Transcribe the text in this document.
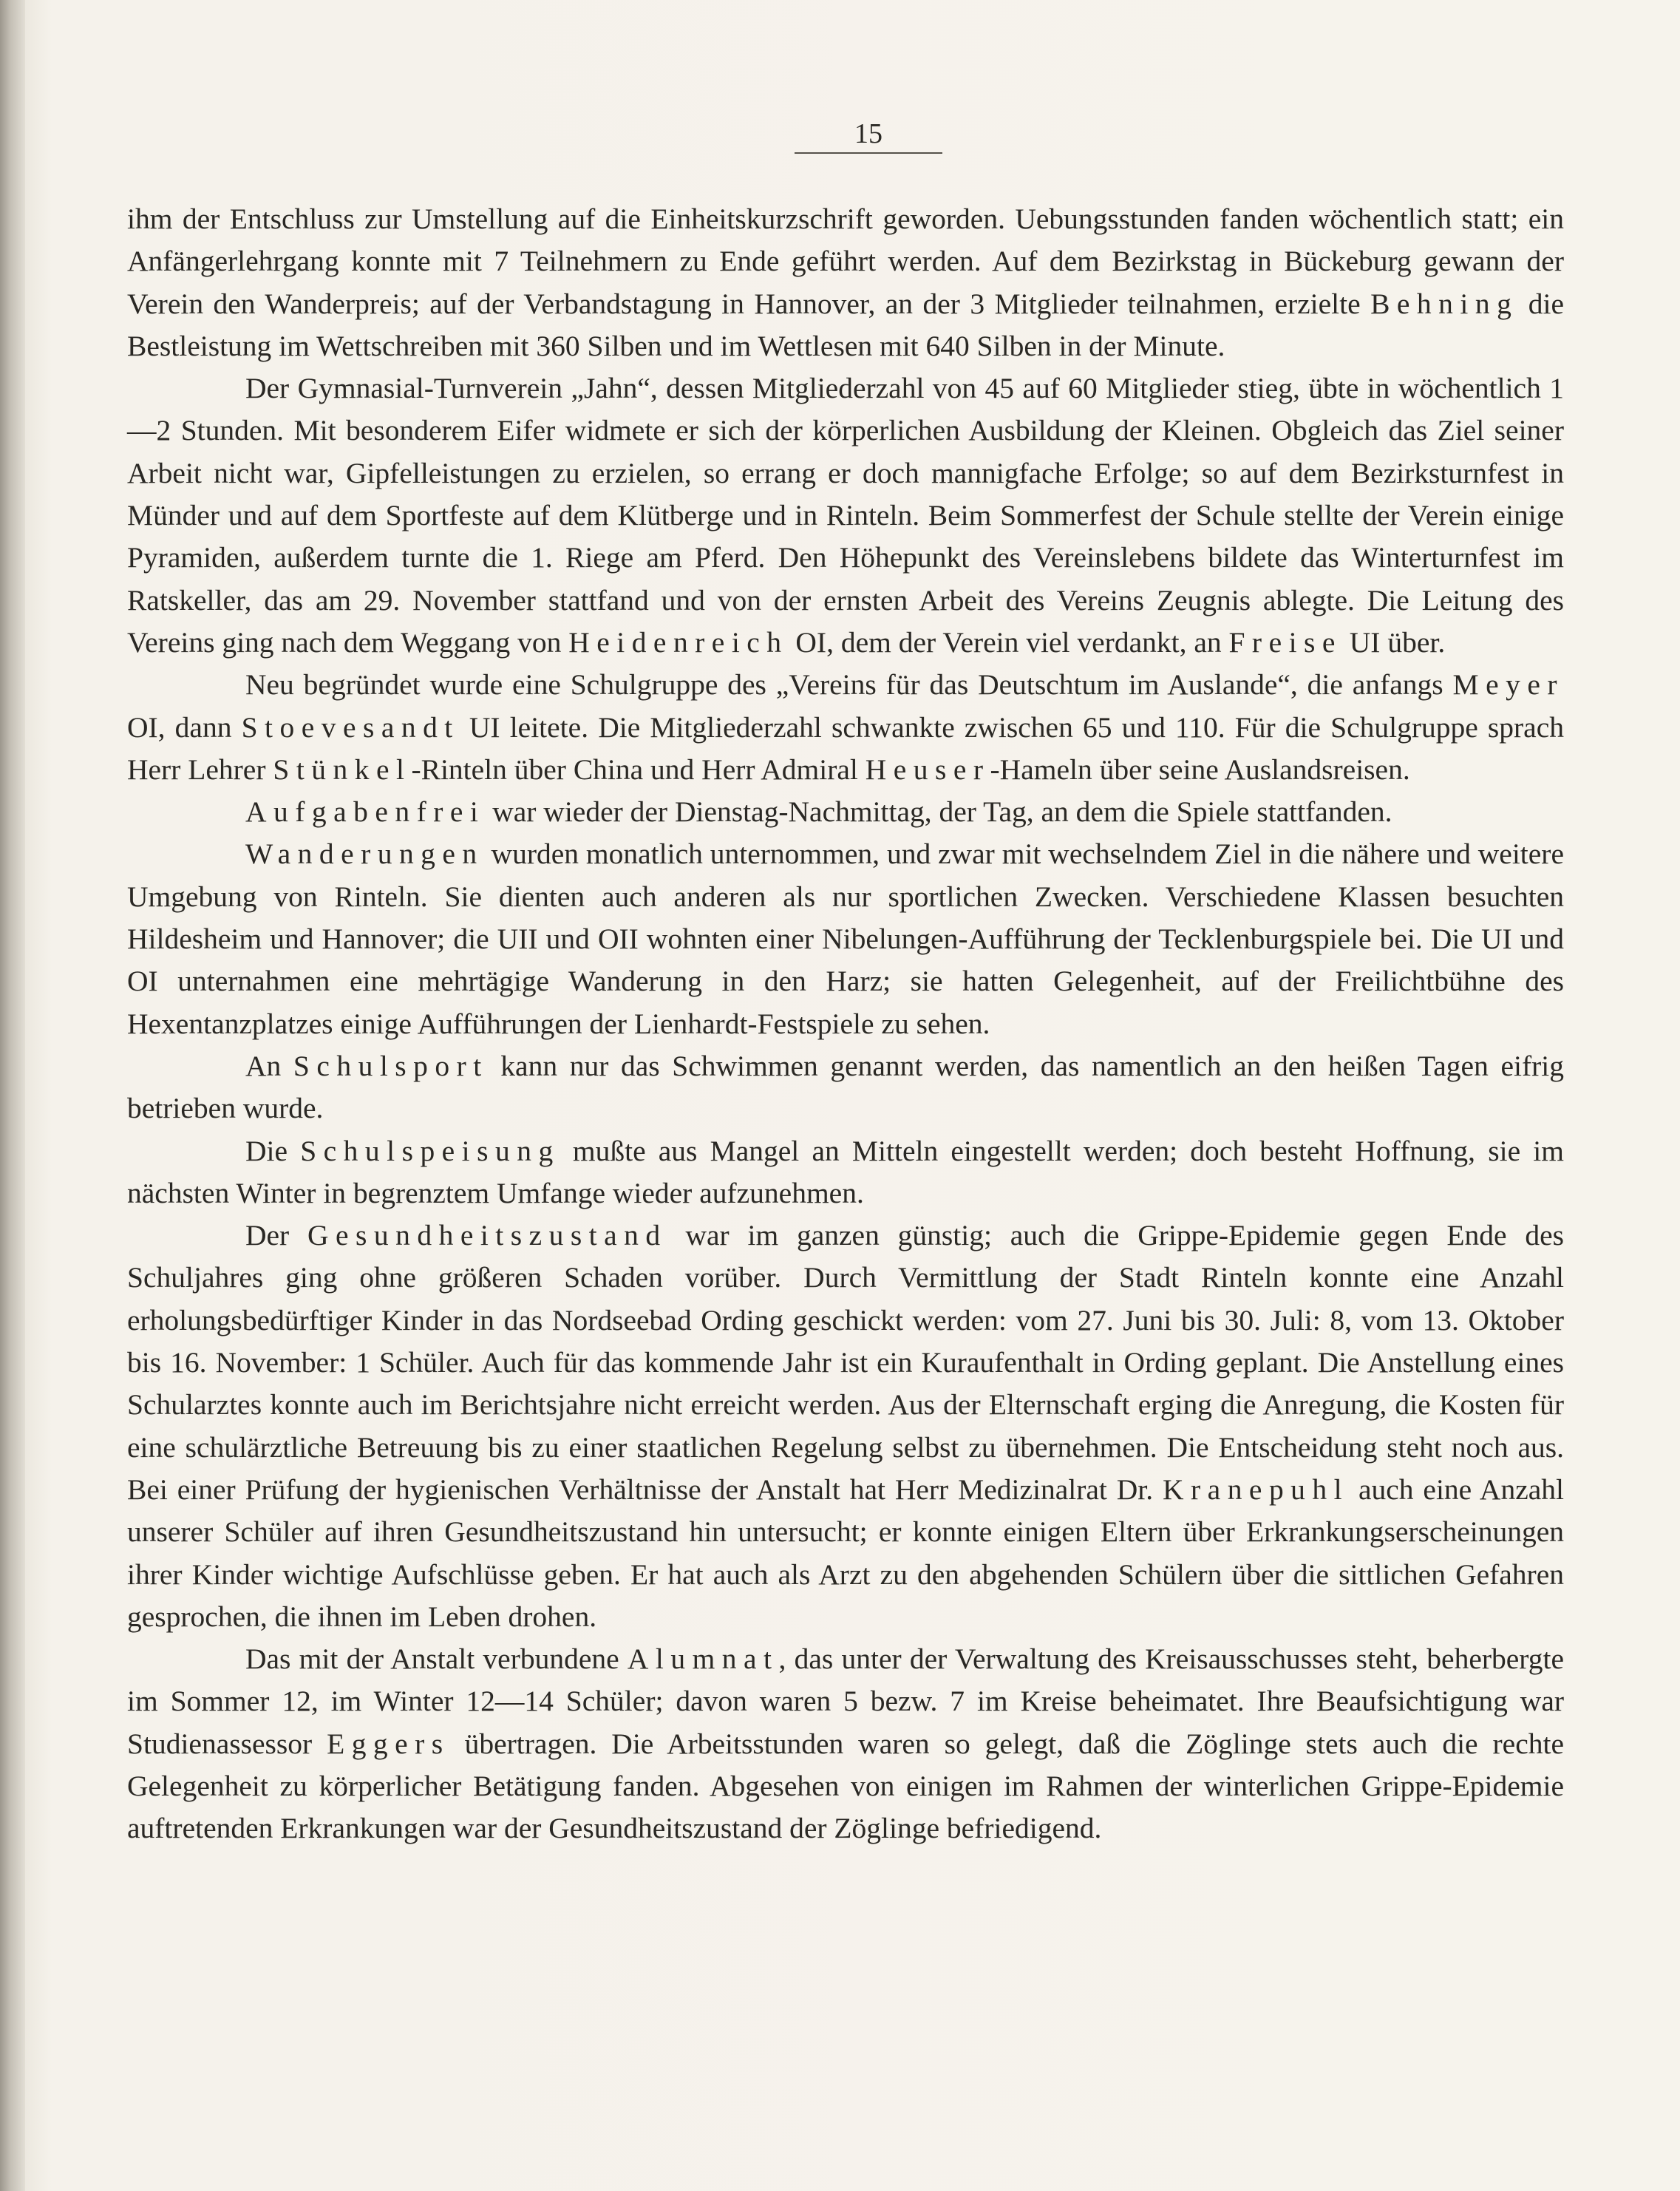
15

ihm der Entschluss zur Umstellung auf die Einheitskurzschrift geworden. Uebungsstunden fanden wöchentlich statt; ein Anfängerlehrgang konnte mit 7 Teilnehmern zu Ende geführt werden. Auf dem Bezirkstag in Bückeburg gewann der Verein den Wanderpreis; auf der Verbandstagung in Hannover, an der 3 Mitglieder teilnahmen, erzielte Behning die Bestleistung im Wettschreiben mit 360 Silben und im Wettlesen mit 640 Silben in der Minute.

Der Gymnasial-Turnverein „Jahn“, dessen Mitgliederzahl von 45 auf 60 Mitglieder stieg, übte in wöchentlich 1—2 Stunden. Mit besonderem Eifer widmete er sich der körperlichen Ausbildung der Kleinen. Obgleich das Ziel seiner Arbeit nicht war, Gipfelleistungen zu erzielen, so errang er doch mannigfache Erfolge; so auf dem Bezirksturnfest in Münder und auf dem Sportfeste auf dem Klütberge und in Rinteln. Beim Sommerfest der Schule stellte der Verein einige Pyramiden, außerdem turnte die 1. Riege am Pferd. Den Höhepunkt des Vereinslebens bildete das Winterturnfest im Ratskeller, das am 29. November stattfand und von der ernsten Arbeit des Vereins Zeugnis ablegte. Die Leitung des Vereins ging nach dem Weggang von Heidenreich OI, dem der Verein viel verdankt, an Freise UI über.

Neu begründet wurde eine Schulgruppe des „Vereins für das Deutschtum im Auslande“, die anfangs Meyer OI, dann Stoevesandt UI leitete. Die Mitgliederzahl schwankte zwischen 65 und 110. Für die Schulgruppe sprach Herr Lehrer Stünkel-Rinteln über China und Herr Admiral Heuser-Hameln über seine Auslandsreisen.

Aufgabenfrei war wieder der Dienstag-Nachmittag, der Tag, an dem die Spiele stattfanden.

Wanderungen wurden monatlich unternommen, und zwar mit wechselndem Ziel in die nähere und weitere Umgebung von Rinteln. Sie dienten auch anderen als nur sportlichen Zwecken. Verschiedene Klassen besuchten Hildesheim und Hannover; die UII und OII wohnten einer Nibelungen-Aufführung der Tecklenburgspiele bei. Die UI und OI unternahmen eine mehrtägige Wanderung in den Harz; sie hatten Gelegenheit, auf der Freilichtbühne des Hexentanzplatzes einige Aufführungen der Lienhardt-Festspiele zu sehen.

An Schulsport kann nur das Schwimmen genannt werden, das namentlich an den heißen Tagen eifrig betrieben wurde.

Die Schulspeisung mußte aus Mangel an Mitteln eingestellt werden; doch besteht Hoffnung, sie im nächsten Winter in begrenztem Umfange wieder aufzunehmen.

Der Gesundheitszustand war im ganzen günstig; auch die Grippe-Epidemie gegen Ende des Schuljahres ging ohne größeren Schaden vorüber. Durch Vermittlung der Stadt Rinteln konnte eine Anzahl erholungsbedürftiger Kinder in das Nordseebad Ording geschickt werden: vom 27. Juni bis 30. Juli: 8, vom 13. Oktober bis 16. November: 1 Schüler. Auch für das kommende Jahr ist ein Kuraufenthalt in Ording geplant. Die Anstellung eines Schularztes konnte auch im Berichtsjahre nicht erreicht werden. Aus der Elternschaft erging die Anregung, die Kosten für eine schulärztliche Betreuung bis zu einer staatlichen Regelung selbst zu übernehmen. Die Entscheidung steht noch aus. Bei einer Prüfung der hygienischen Verhältnisse der Anstalt hat Herr Medizinalrat Dr. Kranepuhl auch eine Anzahl unserer Schüler auf ihren Gesundheitszustand hin untersucht; er konnte einigen Eltern über Erkrankungserscheinungen ihrer Kinder wichtige Aufschlüsse geben. Er hat auch als Arzt zu den abgehenden Schülern über die sittlichen Gefahren gesprochen, die ihnen im Leben drohen.

Das mit der Anstalt verbundene Alumnat, das unter der Verwaltung des Kreisausschusses steht, beherbergte im Sommer 12, im Winter 12—14 Schüler; davon waren 5 bezw. 7 im Kreise beheimatet. Ihre Beaufsichtigung war Studienassessor Eggers übertragen. Die Arbeitsstunden waren so gelegt, daß die Zöglinge stets auch die rechte Gelegenheit zu körperlicher Betätigung fanden. Abgesehen von einigen im Rahmen der winterlichen Grippe-Epidemie auftretenden Erkrankungen war der Gesundheitszustand der Zöglinge befriedigend.
